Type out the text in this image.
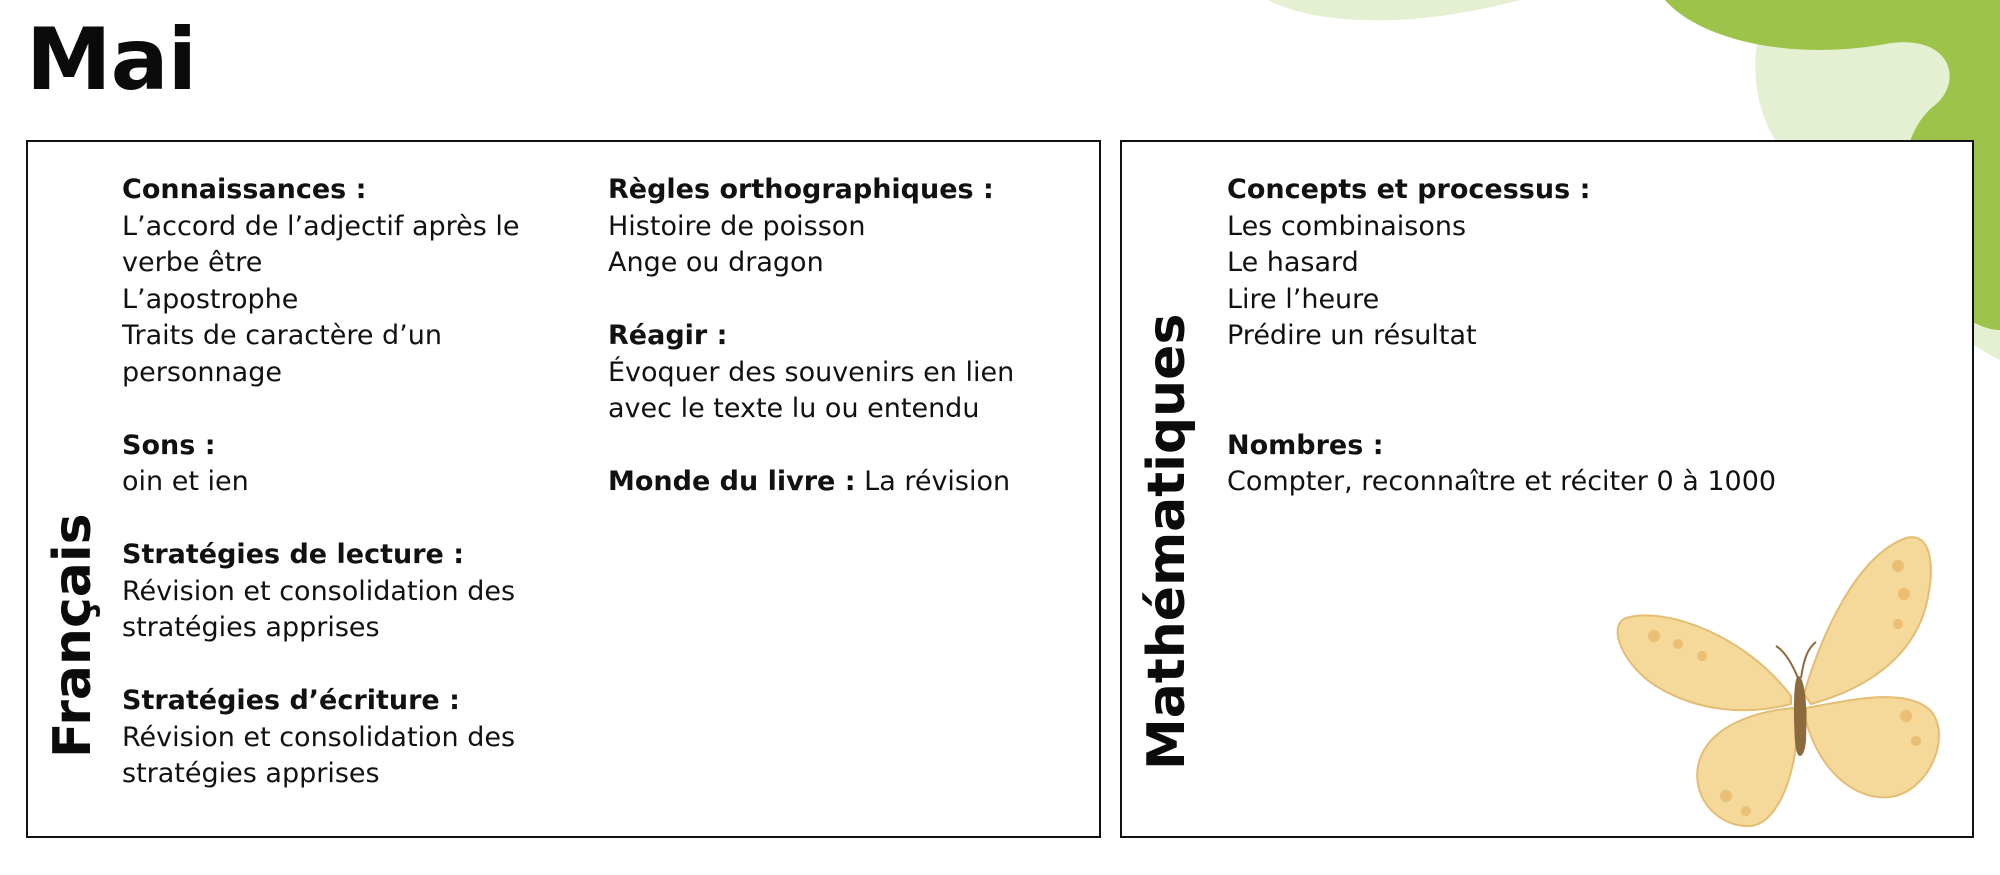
Mai
Français
Connaissances :
L’accord de l’adjectif après le verbe être
L’apostrophe
Traits de caractère d’un personnage
Sons :
oin et ien
Stratégies de lecture :
Révision et consolidation des stratégies apprises
Stratégies d’écriture :
Révision et consolidation des stratégies apprises
Règles orthographiques :
Histoire de poisson
Ange ou dragon
Réagir :
Évoquer des souvenirs en lien avec le texte lu ou entendu
Monde du livre : La révision	Mathématiques
Concepts et processus :
Les combinaisons
Le hasard
Lire l’heure
Prédire un résultat
Nombres :
Compter, reconnaître et réciter 0 à 1000
